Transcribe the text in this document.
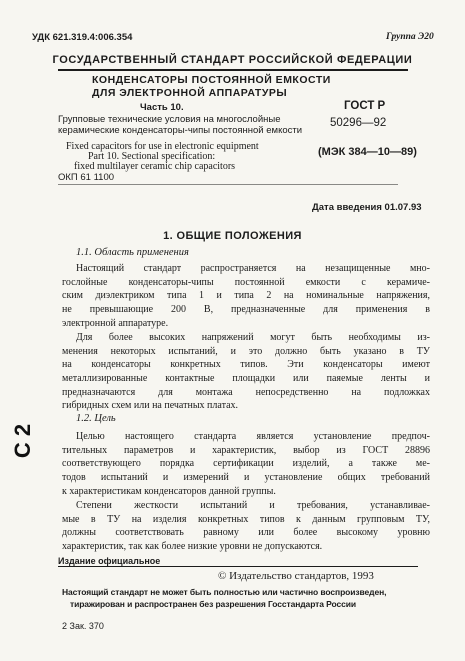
С 2
УДК 621.319.4:006.354	Группа Э20
ГОСУДАРСТВЕННЫЙ СТАНДАРТ РОССИЙСКОЙ ФЕДЕРАЦИИ
КОНДЕНСАТОРЫ ПОСТОЯННОЙ ЕМКОСТИ
ДЛЯ ЭЛЕКТРОННОЙ АППАРАТУРЫ
Часть 10.
Групповые технические условия на многослойные
керамические конденсаторы-чипы постоянной емкости
Fixed capacitors for use in electronic equipment
Part 10. Sectional specification:
fixed multilayer ceramic chip capacitors
ОКП 61 1100
ГОСТ Р
50296—92
(МЭК 384—10—89)
Дата введения 01.07.93
1. ОБЩИЕ ПОЛОЖЕНИЯ
1.1. Область применения
Настоящий стандарт распространяется на незащищенные мно-
гослойные конденсаторы-чипы постоянной емкости с керамиче-
ским диэлектриком типа 1 и типа 2 на номинальные напряжения,
не превышающие 200 В, предназначенные для применения в
электронной аппаратуре.
Для более высоких напряжений могут быть необходимы из-
менения некоторых испытаний, и это должно быть указано в ТУ
на конденсаторы конкретных типов. Эти конденсаторы имеют
металлизированные контактные площадки или паяемые ленты и
предназначаются для монтажа непосредственно на подложках
гибридных схем или на печатных платах.
1.2. Цель
Целью настоящего стандарта является установление предпоч-
тительных параметров и характеристик, выбор из ГОСТ 28896
соответствующего порядка сертификации изделий, а также ме-
тодов испытаний и измерений и установление общих требований
к характеристикам конденсаторов данной группы.
Степени жесткости испытаний и требования, устанавливае-
мые в ТУ на изделия конкретных типов к данным групповым ТУ,
должны соответствовать равному или более высокому уровню
характеристик, так как более низкие уровни не допускаются.
Издание официальное
© Издательство стандартов, 1993
Настоящий стандарт не может быть полностью или частично воспроизведен,
тиражирован и распространен без разрешения Госстандарта России
2 Зак. 370
